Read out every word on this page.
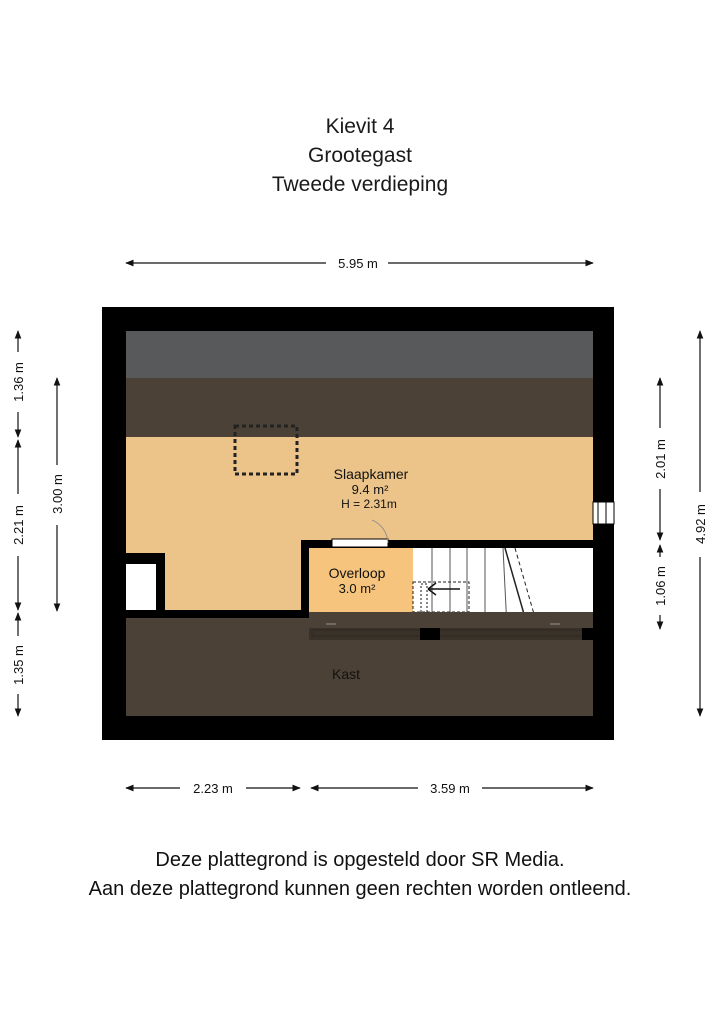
Kievit 4
Grootegast
Tweede verdieping
Slaapkamer
9.4 m²
H = 2.31m
Overloop
3.0 m²
Kast
5.95 m
2.23 m	3.59 m
1.36 m
2.21 m
1.35 m
3.00 m
2.01 m
1.06 m
4.92 m
Deze plattegrond is opgesteld door SR Media.
Aan deze plattegrond kunnen geen rechten worden ontleend.
